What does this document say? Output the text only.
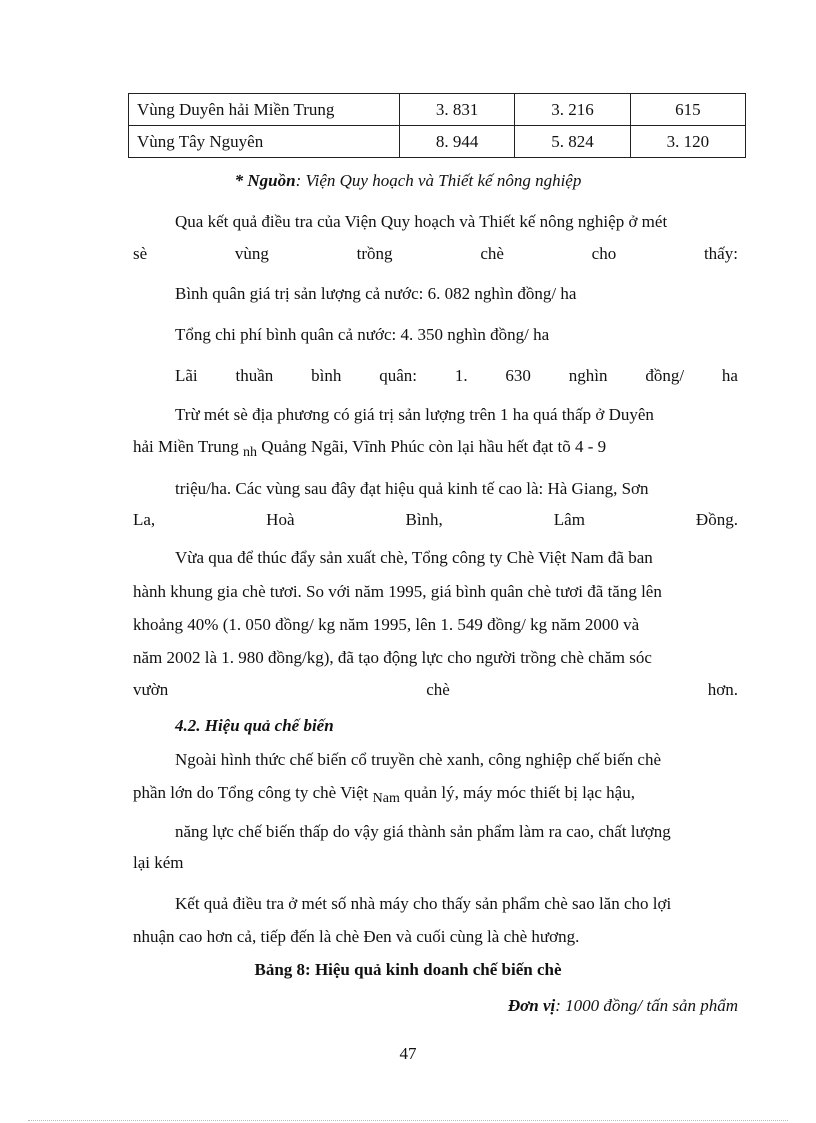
Vùng Duyên hải Miền Trung	3. 831	3. 216	615
Vùng Tây Nguyên	8. 944	5. 824	3. 120
* Nguồn: Viện Quy hoạch và Thiết kế nông nghiệp
Qua kết quả điều tra của Viện Quy hoạch và Thiết kế nông nghiệp ở mét
sè	vùng	trồng	chè	cho	thấy:
Bình quân giá trị sản lượng cả nước: 6. 082 nghìn đồng/ ha
Tổng chi phí bình quân cả nước: 4. 350 nghìn đồng/ ha
Lãi thuần bình quân: 1. 630 nghìn đồng/ ha
Trừ mét sè địa phương có giá trị sản lượng trên 1 ha quá thấp ở Duyên
hải Miền Trung $_{nh}$ Quảng Ngãi, Vĩnh Phúc còn lại hầu hết đạt tõ 4 - 9
triệu/ha. Các vùng sau đây đạt hiệu quả kinh tế cao là: Hà Giang, Sơn
La,	Hoà	Bình,	Lâm	Đồng.
Vừa qua để thúc đẩy sản xuất chè, Tổng công ty Chè Việt Nam đã ban
hành khung gia chè tươi. So với năm 1995, giá bình quân chè tươi đã tăng lên
khoảng 40% (1. 050 đồng/ kg năm 1995, lên 1. 549 đồng/ kg năm 2000 và
năm 2002 là 1. 980 đồng/kg), đã tạo động lực cho người trồng chè chăm sóc
vườn	chè	hơn.
4.2. Hiệu quả chế biến
Ngoài hình thức chế biến cổ truyền chè xanh, công nghiệp chế biến chè
phần lớn do Tổng công ty chè Việt $_{Nam}$ quản lý, máy móc thiết bị lạc hậu,
năng lực chế biến thấp do vậy giá thành sản phẩm làm ra cao, chất lượng
lại kém
Kết quả điều tra ở mét số nhà máy cho thấy sản phẩm chè sao lăn cho lợi
nhuận cao hơn cả, tiếp đến là chè Đen và cuối cùng là chè hương.
Bảng 8: Hiệu quả kinh doanh chế biến chè
Đơn vị: 1000 đồng/ tấn sản phẩm
47
